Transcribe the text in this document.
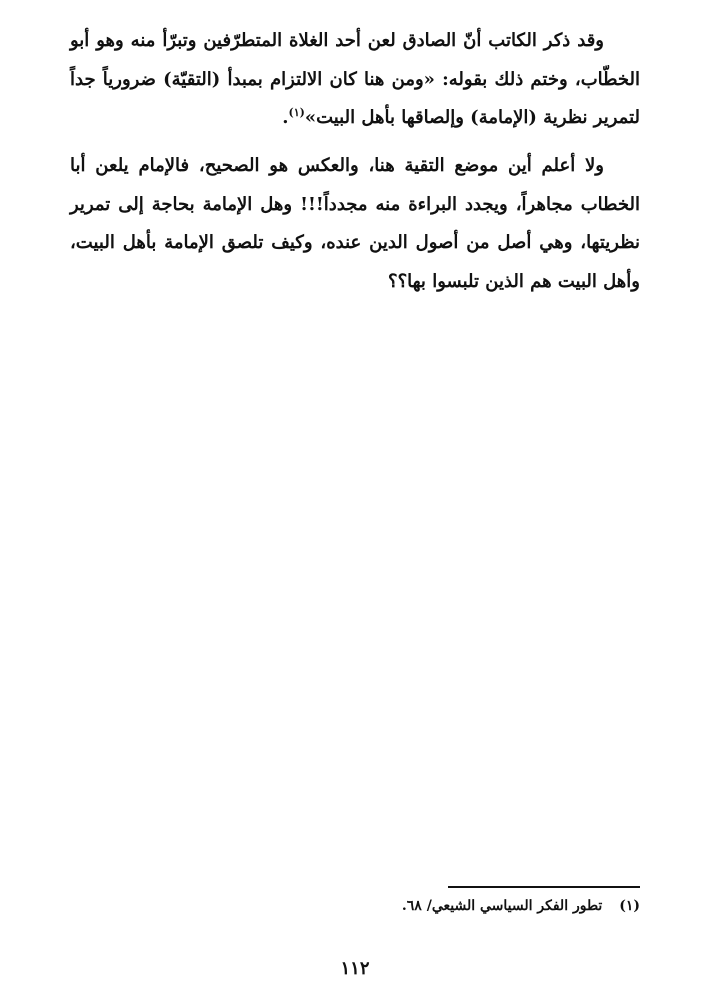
وقد ذكر الكاتب أنّ الصادق لعن أحد الغلاة المتطرّفين وتبرّأ منه وهو أبو الخطّاب، وختم ذلك بقوله: «ومن هنا كان الالتزام بمبدأ (التقيّة) ضرورياً جداً لتمرير نظرية (الإمامة) وإلصاقها بأهل البيت»$^{(١)}$.

ولا أعلم أين موضع التقية هنا، والعكس هو الصحيح، فالإمام يلعن أبا الخطاب مجاهراً، ويجدد البراءة منه مجدداً!!! وهل الإمامة بحاجة إلى تمرير نظريتها، وهي أصل من أصول الدين عنده، وكيف تلصق الإمامة بأهل البيت، وأهل البيت هم الذين تلبسوا بها؟؟

(١) تطور الفكر السياسي الشيعي/ ٦٨.
١١٢
